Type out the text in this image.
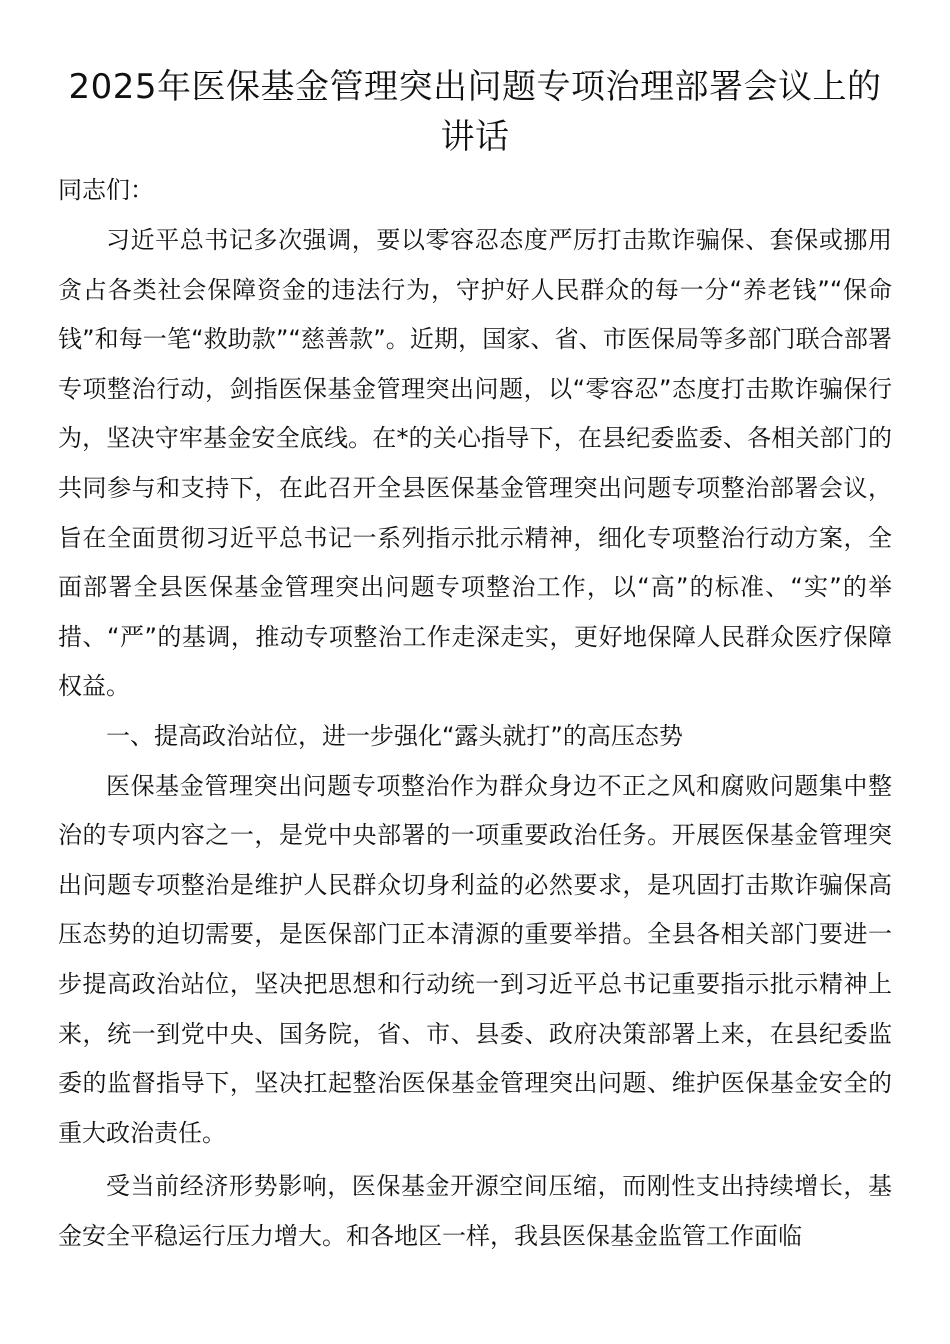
2025年医保基金管理突出问题专项治理部署会议上的讲话

同志们：

习近平总书记多次强调，要以零容忍态度严厉打击欺诈骗保、套保或挪用贪占各类社会保障资金的违法行为，守护好人民群众的每一分“养老钱”“保命钱”和每一笔“救助款”“慈善款”。近期，国家、省、市医保局等多部门联合部署专项整治行动，剑指医保基金管理突出问题，以“零容忍”态度打击欺诈骗保行为，坚决守牢基金安全底线。在*的关心指导下，在县纪委监委、各相关部门的共同参与和支持下，在此召开全县医保基金管理突出问题专项整治部署会议，旨在全面贯彻习近平总书记一系列指示批示精神，细化专项整治行动方案，全面部署全县医保基金管理突出问题专项整治工作，以“高”的标准、“实”的举措、“严”的基调，推动专项整治工作走深走实，更好地保障人民群众医疗保障权益。

一、提高政治站位，进一步强化“露头就打”的高压态势

医保基金管理突出问题专项整治作为群众身边不正之风和腐败问题集中整治的专项内容之一，是党中央部署的一项重要政治任务。开展医保基金管理突出问题专项整治是维护人民群众切身利益的必然要求，是巩固打击欺诈骗保高压态势的迫切需要，是医保部门正本清源的重要举措。全县各相关部门要进一步提高政治站位，坚决把思想和行动统一到习近平总书记重要指示批示精神上来，统一到党中央、国务院，省、市、县委、政府决策部署上来，在县纪委监委的监督指导下，坚决扛起整治医保基金管理突出问题、维护医保基金安全的重大政治责任。

受当前经济形势影响，医保基金开源空间压缩，而刚性支出持续增长，基金安全平稳运行压力增大。和各地区一样，我县医保基金监管工作面临
